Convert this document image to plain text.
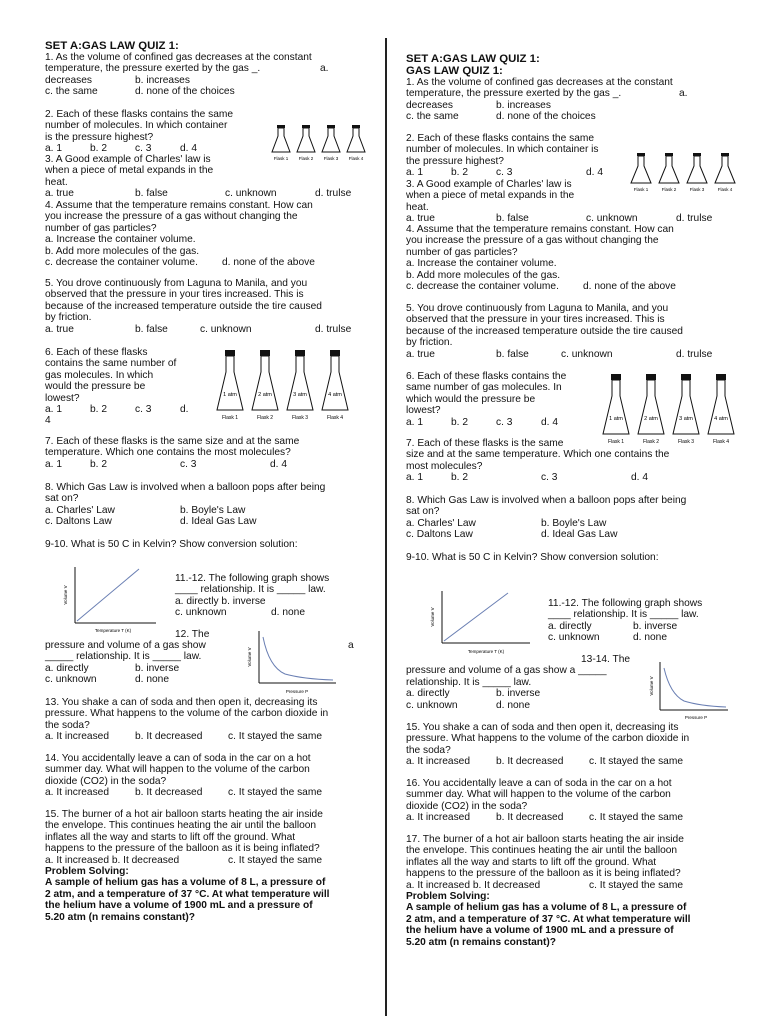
SET A:GAS LAW QUIZ 1:
1. As the volume of confined gas decreases at the constant
temperature, the pressure exerted by the gas _.	a.
decreases	b. increases
c. the same	d. none of the choices
2. Each of these flasks contains the same
number of molecules. In which container
is the pressure highest?
a. 1	b. 2	c. 3	d. 4
Flask 1 Flask 2 Flask 3 Flask 4
3. A Good example of Charles' law is
when a piece of metal expands in the
heat.
a. true	b. false	c. unknown	d. trulse
4. Assume that the temperature remains constant. How can
you increase the pressure of a gas without changing the
number of gas particles?
a. Increase the container volume.
b. Add more molecules of the gas.
c. decrease the container volume. d. none of the above
5. You drove continuously from Laguna to Manila, and you
observed that the pressure in your tires increased. This is
because of the increased temperature outside the tire caused
by friction.
a. true	b. false	c. unknown	d. trulse
6. Each of these flasks
contains the same number of
gas molecules. In which
would the pressure be
lowest?
a. 1	b. 2	c. 3	d.
4
1 atm	2 atm	3 atm	4 atm
Flask 1	Flask 2	Flask 3	Flask 4
7. Each of these flasks is the same size and at the same
temperature. Which one contains the most molecules?
a. 1	b. 2	c. 3	d. 4
8. Which Gas Law is involved when a balloon pops after being
sat on?
a. Charles' Law	b. Boyle's Law
c. Daltons Law	d. Ideal Gas Law
9-10. What is 50 C in Kelvin? Show conversion solution:
Volume V
Temperature T (K)
11.-12. The following graph shows
____ relationship. It is _____ law.
a. directly b. inverse
c. unknown	d. none
12. The
pressure and volume of a gas show	a
_____ relationship. It is _____ law.
a. directly	b. inverse
c. unknown	d. none
Volume V
Pressure P
13. You shake a can of soda and then open it, decreasing its
pressure. What happens to the volume of the carbon dioxide in
the soda?
a. It increased	b. It decreased	c. It stayed the same
14. You accidentally leave a can of soda in the car on a hot
summer day. What will happen to the volume of the carbon
dioxide (CO2) in the soda?
a. It increased	b. It decreased	c. It stayed the same
15. The burner of a hot air balloon starts heating the air inside
the envelope. This continues heating the air until the balloon
inflates all the way and starts to lift off the ground. What
happens to the pressure of the balloon as it is being inflated?
a. It increased b. It decreased	c. It stayed the same
Problem Solving:
A sample of helium gas has a volume of 8 L, a pressure of
2 atm, and a temperature of 37 °C. At what temperature will
the helium have a volume of 1900 mL and a pressure of
5.20 atm (n remains constant)?
SET A:GAS LAW QUIZ 1:
GAS LAW QUIZ 1:
1. As the volume of confined gas decreases at the constant
temperature, the pressure exerted by the gas _.	a.
decreases	b. increases
c. the same	d. none of the choices
2. Each of these flasks contains the same
number of molecules. In which container is
the pressure highest?
a. 1	b. 2	c. 3	d. 4
Flask 1	Flask 2	Flask 3	Flask 4
3. A Good example of Charles' law is
when a piece of metal expands in the
heat.
a. true	b. false	c. unknown	d. trulse
4. Assume that the temperature remains constant. How can
you increase the pressure of a gas without changing the
number of gas particles?
a. Increase the container volume.
b. Add more molecules of the gas.
c. decrease the container volume. d. none of the above
5. You drove continuously from Laguna to Manila, and you
observed that the pressure in your tires increased. This is
because of the increased temperature outside the tire caused
by friction.
a. true	b. false	c. unknown	d. trulse
6. Each of these flasks contains the
same number of gas molecules. In
which would the pressure be
lowest?
a. 1	b. 2	c. 3	d. 4	1 atm	2 atm	3 atm	4 atm
Flask 1	Flask 2	Flask 3	Flask 4
7. Each of these flasks is the same
size and at the same temperature. Which one contains the
most molecules?
a. 1	b. 2	c. 3	d. 4
8. Which Gas Law is involved when a balloon pops after being
sat on?
a. Charles' Law	b. Boyle's Law
c. Daltons Law	d. Ideal Gas Law
9-10. What is 50 C in Kelvin? Show conversion solution:
Volume V
Temperature T (K)
11.-12. The following graph shows
____ relationship. It is _____ law.
a. directly	b. inverse
c. unknown	d. none
13-14. The
pressure and volume of a gas show a _____
relationship. It is _____ law.
a. directly	b. inverse
c. unknown	d. none
Volume V
Pressure P
15. You shake a can of soda and then open it, decreasing its
pressure. What happens to the volume of the carbon dioxide in
the soda?
a. It increased	b. It decreased	c. It stayed the same
16. You accidentally leave a can of soda in the car on a hot
summer day. What will happen to the volume of the carbon
dioxide (CO2) in the soda?
a. It increased	b. It decreased	c. It stayed the same
17. The burner of a hot air balloon starts heating the air inside
the envelope. This continues heating the air until the balloon
inflates all the way and starts to lift off the ground. What
happens to the pressure of the balloon as it is being inflated?
a. It increased b. It decreased	c. It stayed the same
Problem Solving:
A sample of helium gas has a volume of 8 L, a pressure of
2 atm, and a temperature of 37 °C. At what temperature will
the helium have a volume of 1900 mL and a pressure of
5.20 atm (n remains constant)?
